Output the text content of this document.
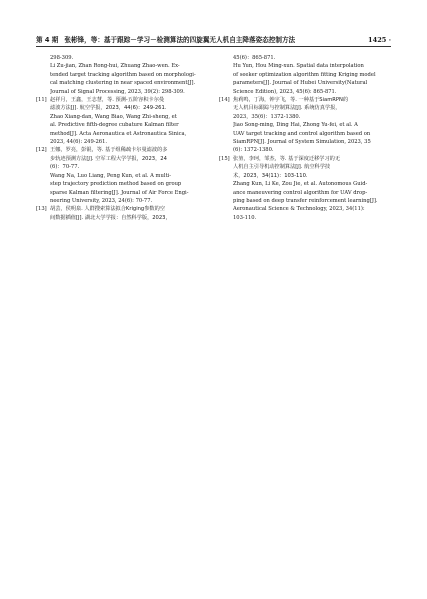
第 4 期 张彬锋，等：基于跟踪－学习－检测算法的四旋翼无人机自主降落姿态控制方法	1425 ·
298-309.
Li Zu-jian, Zhan Rong-hui, Zhuang Zhao-wen. Ex-
tended target tracking algorithm based on morphologi-
cal matching clustering in near spaced environment[J].
Journal of Signal Processing, 2023, 39(2): 298-309.
[11] 赵祥月，王鑫，王志慧，等. 预测-五阶容积卡尔曼
滤波方法[J]. 航空学报，2023，44(6)：249-261.
Zhao Xiang-dan, Wang Biao, Wang Zhi-sheng, et
al. Predictive fifth-degree cubature Kalman filter
method[J]. Acta Aeronautica et Astronautica Sinica,
2023, 44(6): 249-261.
[12] 王娜，罗亮，彭锟，等. 基于组稀疏卡尔曼滤波的多
步轨迹预测方法[J]. 空军工程大学学报，2023，24
(6)：70-77.
Wang Na, Luo Liang, Peng Kun, et al. A multi-
step trajectory prediction method based on group
sparse Kalman filtering[J]. Journal of Air Force Engi-
neering University, 2023, 24(6): 70-77.
[13] 胡芸，侯明泉. 人群搜索算法拟合Kriging参数的空
间数据插值[J]. 湖北大学学报：自然科学版，2023，
45(6)：865-871.
Hu Yun, Hou Ming-xun. Spatial data interpolation
of seeker optimization algorithm fitting Kriging model
parameters[J]. Journal of Hubei University(Natural
Science Edition), 2023, 45(6): 865-871.
[14] 焦莉鸣，丁海，钟宇飞，等. 一种基于SiamRPN的
无人机目标跟踪与控制算法[J]. 系统仿真学报，
2023，35(6)：1372-1380.
Jiao Song-ming, Ding Hai, Zhong Yu-fei, et al. A
UAV target tracking and control algorithm based on
SiamRPN[J]. Journal of System Simulation, 2023, 35
(6): 1372-1380.
[15] 张堃，李珂，邹杰，等. 基于深度迁移学习的无
人机自主引导机动控制算法[J]. 航空科学技
术，2023，34(11)：103-110.
Zhang Kun, Li Ke, Zou Jie, et al. Autonomous Guid-
ance maneuvering control algorithm for UAV drop-
ping based on deep transfer reinforcement learning[J].
Aeronautical Science & Technology, 2023, 34(11):
103-110.
